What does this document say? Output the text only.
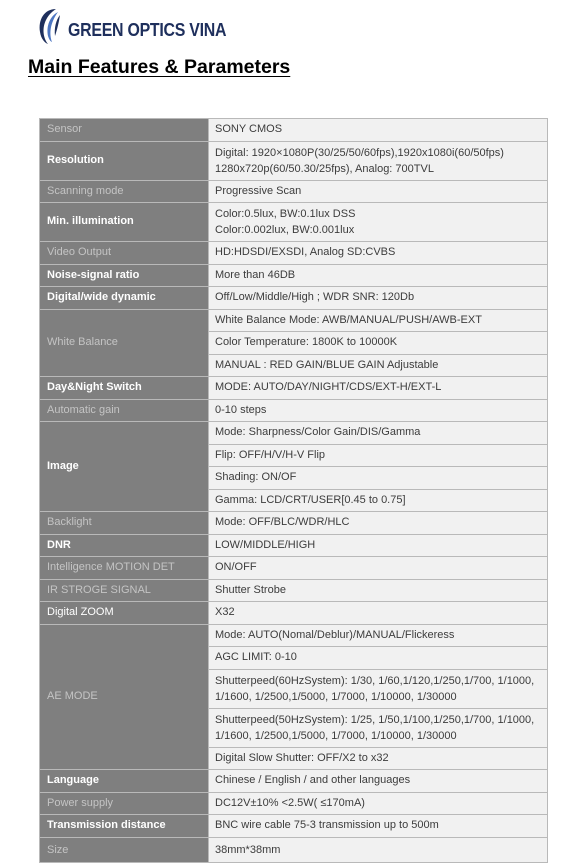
GREEN OPTICS VINA
Main Features & Parameters
Sensor	SONY CMOS
Resolution	Digital: 1920×1080P(30/25/50/60fps),1920x1080i(60/50fps) 1280x720p(60/50.30/25fps), Analog: 700TVL
Scanning mode	Progressive Scan
Min. illumination	Color:0.5lux, BW:0.1lux DSS Color:0.002lux, BW:0.001lux
Video Output	HD:HDSDI/EXSDI, Analog SD:CVBS
Noise-signal ratio	More than 46DB
Digital/wide dynamic	Off/Low/Middle/High ; WDR SNR: 120Db
White Balance	White Balance Mode: AWB/MANUAL/PUSH/AWB-EXT
	Color Temperature: 1800K to 10000K
	MANUAL : RED GAIN/BLUE GAIN Adjustable
Day&Night Switch	MODE: AUTO/DAY/NIGHT/CDS/EXT-H/EXT-L
Automatic gain	0-10 steps
Image	Mode: Sharpness/Color Gain/DIS/Gamma
	Flip: OFF/H/V/H-V Flip
	Shading: ON/OF
	Gamma: LCD/CRT/USER[0.45 to 0.75]
Backlight	Mode: OFF/BLC/WDR/HLC
DNR	LOW/MIDDLE/HIGH
Intelligence MOTION DET	ON/OFF
IR STROGE SIGNAL	Shutter Strobe
Digital ZOOM	X32
AE MODE	Mode: AUTO(Nomal/Deblur)/MANUAL/Flickeress
	AGC LIMIT: 0-10
	Shutterpeed(60HzSystem): 1/30, 1/60,1/120,1/250,1/700, 1/1000, 1/1600, 1/2500,1/5000, 1/7000, 1/10000, 1/30000
	Shutterpeed(50HzSystem): 1/25, 1/50,1/100,1/250,1/700, 1/1000, 1/1600, 1/2500,1/5000, 1/7000, 1/10000, 1/30000
	Digital Slow Shutter: OFF/X2 to x32
Language	Chinese / English / and other languages
Power supply	DC12V±10% <2.5W( ≤170mA)
Transmission distance	BNC wire cable 75-3 transmission up to 500m
Size	38mm*38mm
